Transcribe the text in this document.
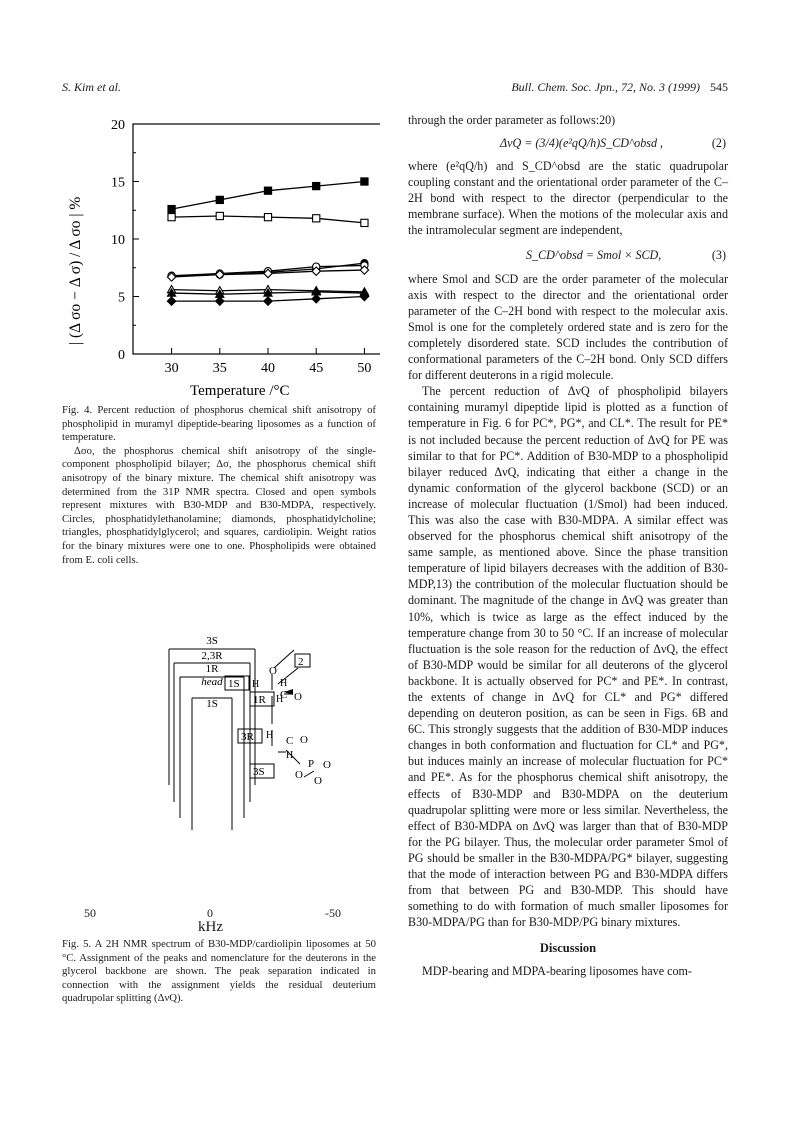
S. Kim et al.	Bull. Chem. Soc. Jpn., 72, No. 3 (1999) 545
0
5
10
15
20
30 35 40 45 50
Temperature /°C
| (Δ σo − Δ σ) / Δ σo | %

Fig. 4. Percent reduction of phosphorus chemical shift anisotropy of phospholipid in muramyl dipeptide-bearing liposomes as a function of temperature.

Δσo, the phosphorus chemical shift anisotropy of the single-component phospholipid bilayer; Δσ, the phosphorus chemical shift anisotropy of the binary mixture. The chemical shift anisotropy was determined from the 31P NMR spectra. Closed and open symbols represent mixtures with B30-MDP and B30-MDPA, respectively. Circles, phosphatidylethanolamine; diamonds, phosphatidylcholine; triangles, phosphatidylglycerol; and squares, cardiolipin. Weight ratios for the binary mixtures were one to one. Phospholipids were obtained from E. coli cells.

3S
2,3R
1R
head
1S
2
1S
1R
3R
3S
O
H H
C O
H
H C O
H
O
P O
O
50	0	-50
kHz

Fig. 5. A 2H NMR spectrum of B30-MDP/cardiolipin liposomes at 50 °C. Assignment of the peaks and nomenclature for the deuterons in the glycerol backbone are shown. The peak separation indicated in connection with the assignment yields the residual deuterium quadrupolar splitting (ΔνQ).

through the order parameter as follows:20)

ΔνQ = (3/4)(e²qQ/h)S_CD^obsd ,	(2)

where (e²qQ/h) and S_CD^obsd are the static quadrupolar coupling constant and the orientational order parameter of the C–2H bond with respect to the director (perpendicular to the membrane surface). When the motions of the molecular axis and the intramolecular segment are independent,

S_CD^obsd = Smol × SCD,	(3)

where Smol and SCD are the order parameter of the molecular axis with respect to the director and the orientational order parameter of the C–2H bond with respect to the molecular axis. Smol is one for the completely ordered state and is zero for the completely disordered state. SCD includes the contribution of conformational parameters of the C–2H bond. Only SCD differs for different deuterons in a rigid molecule.

The percent reduction of ΔνQ of phospholipid bilayers containing muramyl dipeptide lipid is plotted as a function of temperature in Fig. 6 for PC*, PG*, and CL*. The result for PE* is not included because the percent reduction of ΔνQ for PE was similar to that for PC*. Addition of B30-MDP to a phospholipid bilayer reduced ΔνQ, indicating that either a change in the dynamic conformation of the glycerol backbone (SCD) or an increase of molecular fluctuation (1/Smol) had been induced. This was also the case with B30-MDPA. A similar effect was observed for the phosphorus chemical shift anisotropy of the same sample, as mentioned above. Since the phase transition temperature of lipid bilayers decreases with the addition of B30-MDP,13) the contribution of the molecular fluctuation should be dominant. The magnitude of the change in ΔνQ was greater than 10%, which is twice as large as the effect induced by the temperature change from 30 to 50 °C. If an increase of molecular fluctuation is the sole reason for the reduction of ΔνQ, the effect of B30-MDP would be similar for all deuterons of the glycerol backbone. It is actually observed for PC* and PE*. In contrast, the extents of change in ΔνQ for CL* and PG* differed depending on deuteron position, as can be seen in Figs. 6B and 6C. This strongly suggests that the addition of B30-MDP induces changes in both conformation and fluctuation for CL* and PG*, but induces mainly an increase of molecular fluctuation for PC* and PE*. As for the phosphorus chemical shift anisotropy, the effects of B30-MDP and B30-MDPA on the deuterium quadrupolar splitting were more or less similar. Nevertheless, the effect of B30-MDPA on ΔνQ was larger than that of B30-MDP for the PG bilayer. Thus, the molecular order parameter Smol of PG should be smaller in the B30-MDPA/PG* bilayer, suggesting that the mode of interaction between PG and B30-MDPA differs from that between PG and B30-MDP. This should have something to do with formation of much smaller liposomes for B30-MDPA/PG than for B30-MDP/PG binary mixtures.

Discussion

MDP-bearing and MDPA-bearing liposomes have com-
